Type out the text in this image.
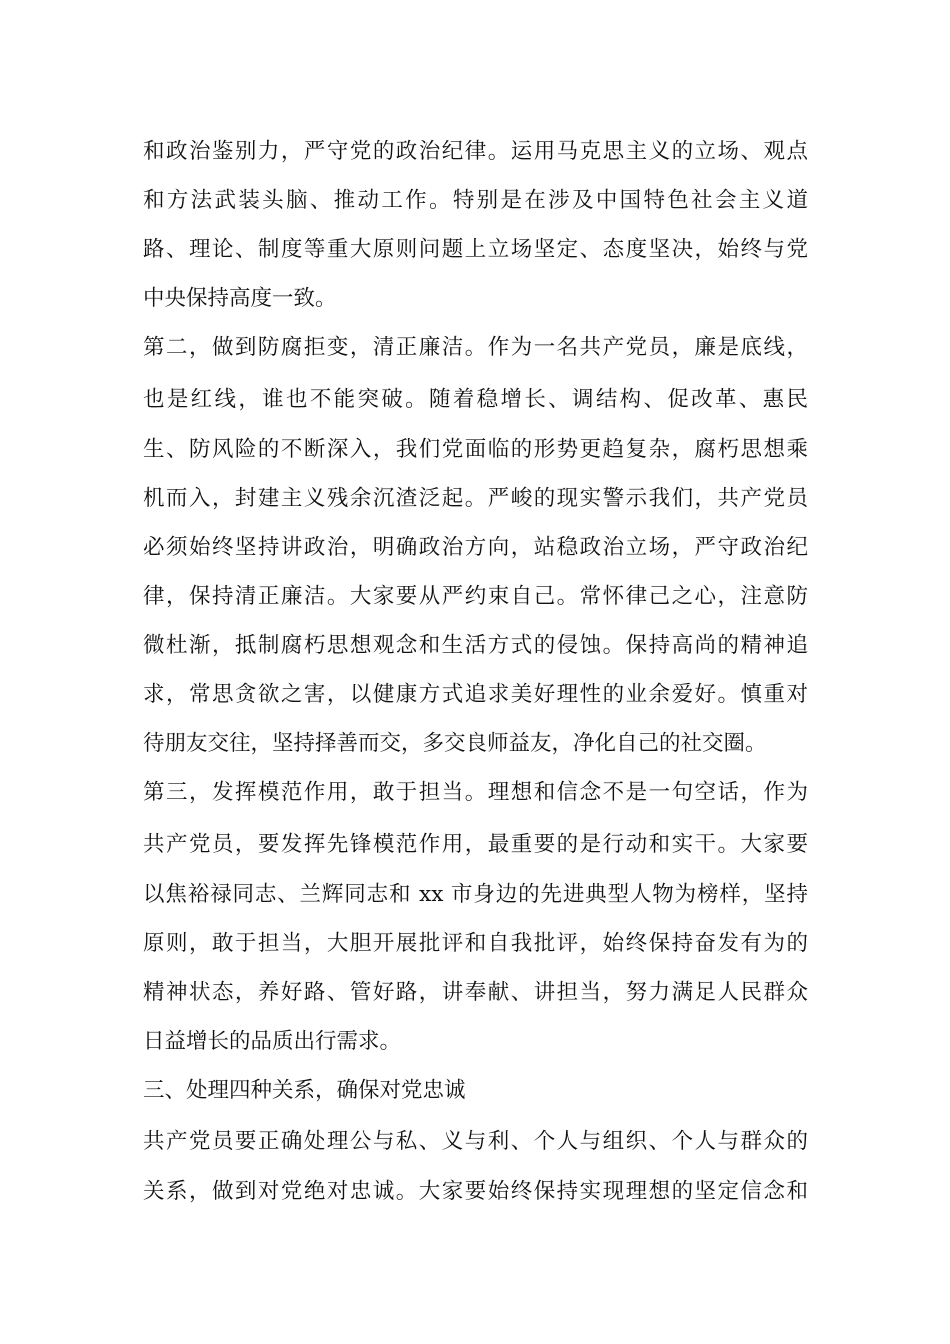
和政治鉴别力，严守党的政治纪律。运用马克思主义的立场、观点
和方法武装头脑、推动工作。特别是在涉及中国特色社会主义道
路、理论、制度等重大原则问题上立场坚定、态度坚决，始终与党
中央保持高度一致。
第二，做到防腐拒变，清正廉洁。作为一名共产党员，廉是底线，
也是红线，谁也不能突破。随着稳增长、调结构、促改革、惠民
生、防风险的不断深入，我们党面临的形势更趋复杂，腐朽思想乘
机而入，封建主义残余沉渣泛起。严峻的现实警示我们，共产党员
必须始终坚持讲政治，明确政治方向，站稳政治立场，严守政治纪
律，保持清正廉洁。大家要从严约束自己。常怀律己之心，注意防
微杜渐，抵制腐朽思想观念和生活方式的侵蚀。保持高尚的精神追
求，常思贪欲之害，以健康方式追求美好理性的业余爱好。慎重对
待朋友交往，坚持择善而交，多交良师益友，净化自己的社交圈。
第三，发挥模范作用，敢于担当。理想和信念不是一句空话，作为
共产党员，要发挥先锋模范作用，最重要的是行动和实干。大家要
以焦裕禄同志、兰辉同志和 xx 市身边的先进典型人物为榜样，坚持
原则，敢于担当，大胆开展批评和自我批评，始终保持奋发有为的
精神状态，养好路、管好路，讲奉献、讲担当，努力满足人民群众
日益增长的品质出行需求。
三、处理四种关系，确保对党忠诚
共产党员要正确处理公与私、义与利、个人与组织、个人与群众的
关系，做到对党绝对忠诚。大家要始终保持实现理想的坚定信念和
